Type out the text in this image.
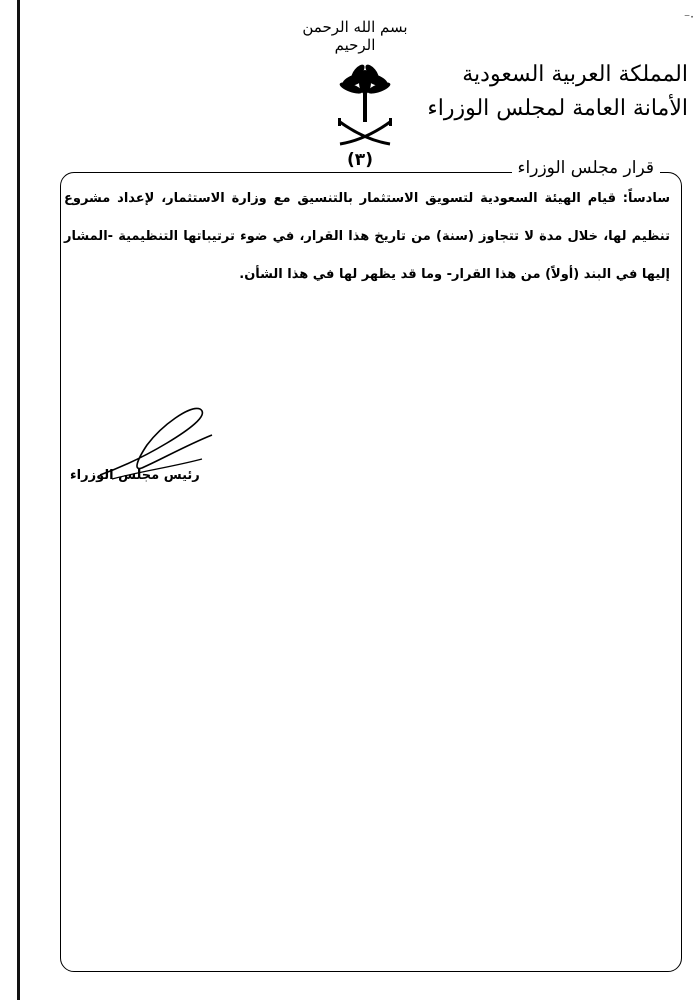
⁻·
بسم الله الرحمن الرحيم
(٣)
المملكة العربية السعودية
الأمانة العامة لمجلس الوزراء
قرار مجلس الوزراء
سادساً: قيام الهيئة السعودية لتسويق الاستثمار بالتنسيق مع وزارة الاستثمار، لإعداد مشروع تنظيم لها، خلال مدة لا تتجاوز (سنة) من تاريخ هذا القرار، في ضوء ترتيباتها التنظيمية -المشار إليها في البند (أولاً) من هذا القرار- وما قد يظهر لها في هذا الشأن.
رئيس مجلس الوزراء
